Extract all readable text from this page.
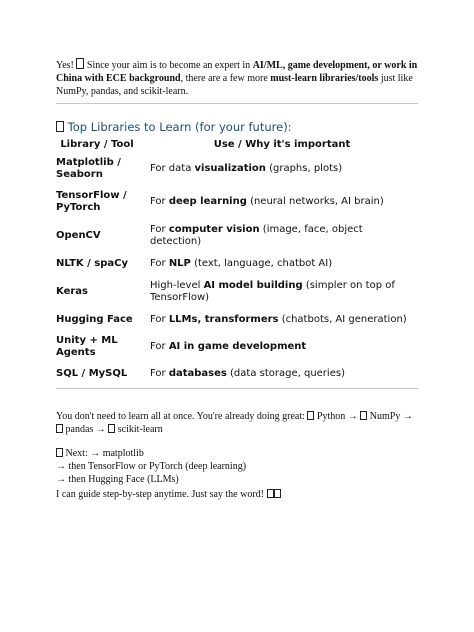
Yes!  Since your aim is to become an expert in AI/ML, game development, or work in China with ECE background, there are a few more must-learn libraries/tools just like NumPy, pandas, and scikit-learn.

Top Libraries to Learn (for your future):
Library / Tool	Use / Why it's important
Matplotlib / Seaborn	For data visualization (graphs, plots)
TensorFlow / PyTorch	For deep learning (neural networks, AI brain)
OpenCV	For computer vision (image, face, object detection)
NLTK / spaCy	For NLP (text, language, chatbot AI)
Keras	High-level AI model building (simpler on top of TensorFlow)
Hugging Face	For LLMs, transformers (chatbots, AI generation)
Unity + ML Agents	For AI in game development
SQL / MySQL	For databases (data storage, queries)

You don't need to learn all at once. You're already doing great:  Python →  NumPy →  pandas →  scikit-learn

Next: → matplotlib
→ then TensorFlow or PyTorch (deep learning)
→ then Hugging Face (LLMs)

I can guide step-by-step anytime. Just say the word!
